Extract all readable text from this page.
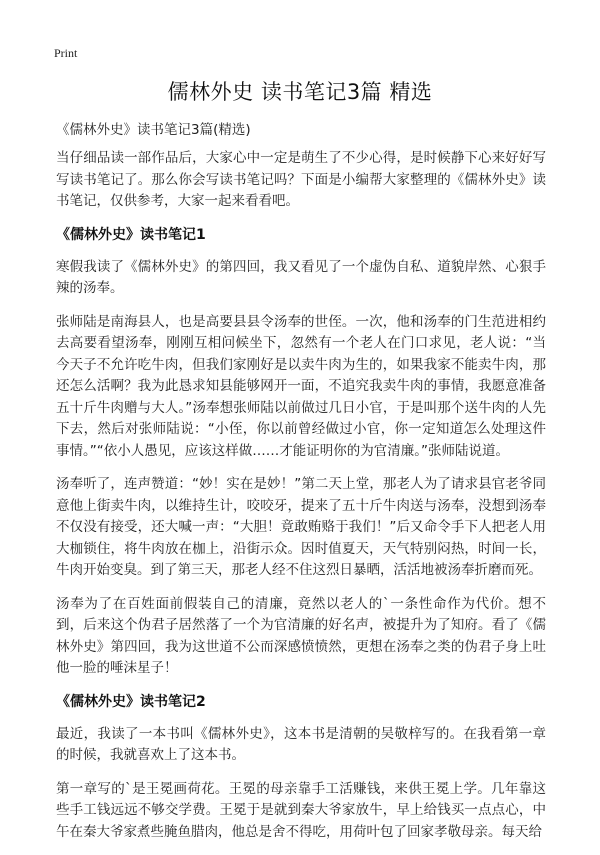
Print
儒林外史 读书笔记3篇 精选
《儒林外史》读书笔记3篇(精选)

当仔细品读一部作品后，大家心中一定是萌生了不少心得，是时候静下心来好好写写读书笔记了。那么你会写读书笔记吗？下面是小编帮大家整理的《儒林外史》读书笔记，仅供参考，大家一起来看看吧。

《儒林外史》读书笔记1

寒假我读了《儒林外史》的第四回，我又看见了一个虚伪自私、道貌岸然、心狠手辣的汤奉。

张师陆是南海县人，也是高要县县令汤奉的世侄。一次，他和汤奉的门生范进相约去高要看望汤奉，刚刚互相问候坐下，忽然有一个老人在门口求见，老人说：“当今天子不允许吃牛肉，但我们家刚好是以卖牛肉为生的，如果我家不能卖牛肉，那还怎么活啊？我为此恳求知县能够网开一面，不追究我卖牛肉的事情，我愿意准备五十斤牛肉赠与大人。”汤奉想张师陆以前做过几日小官，于是叫那个送牛肉的人先下去，然后对张师陆说：“小侄，你以前曾经做过小官，你一定知道怎么处理这件事情。”“依小人愚见，应该这样做……才能证明你的为官清廉。”张师陆说道。

汤奉听了，连声赞道：“妙！实在是妙！”第二天上堂，那老人为了请求县官老爷同意他上街卖牛肉，以维持生计，咬咬牙，提来了五十斤牛肉送与汤奉，没想到汤奉不仅没有接受，还大喊一声：“大胆！竟敢贿赂于我们！”后又命令手下人把老人用大枷锁住，将牛肉放在枷上，沿街示众。因时值夏天，天气特别闷热，时间一长，牛肉开始变臭。到了第三天，那老人经不住这烈日暴晒，活活地被汤奉折磨而死。

汤奉为了在百姓面前假装自己的清廉，竟然以老人的`一条性命作为代价。想不到，后来这个伪君子居然落了一个为官清廉的好名声，被提升为了知府。看了《儒林外史》第四回，我为这世道不公而深感愤愤然，更想在汤奉之类的伪君子身上吐他一脸的唾沫星子！

《儒林外史》读书笔记2

最近，我读了一本书叫《儒林外史》，这本书是清朝的吴敬梓写的。在我看第一章的时候，我就喜欢上了这本书。

第一章写的`是王冕画荷花。王冕的母亲靠手工活赚钱，来供王冕上学。几年靠这些手工钱远远不够交学费。王冕于是就到秦大爷家放牛，早上给钱买一点点心，中午在秦大爷家煮些腌鱼腊肉，他总是舍不得吃，用荷叶包了回家孝敬母亲。每天给
